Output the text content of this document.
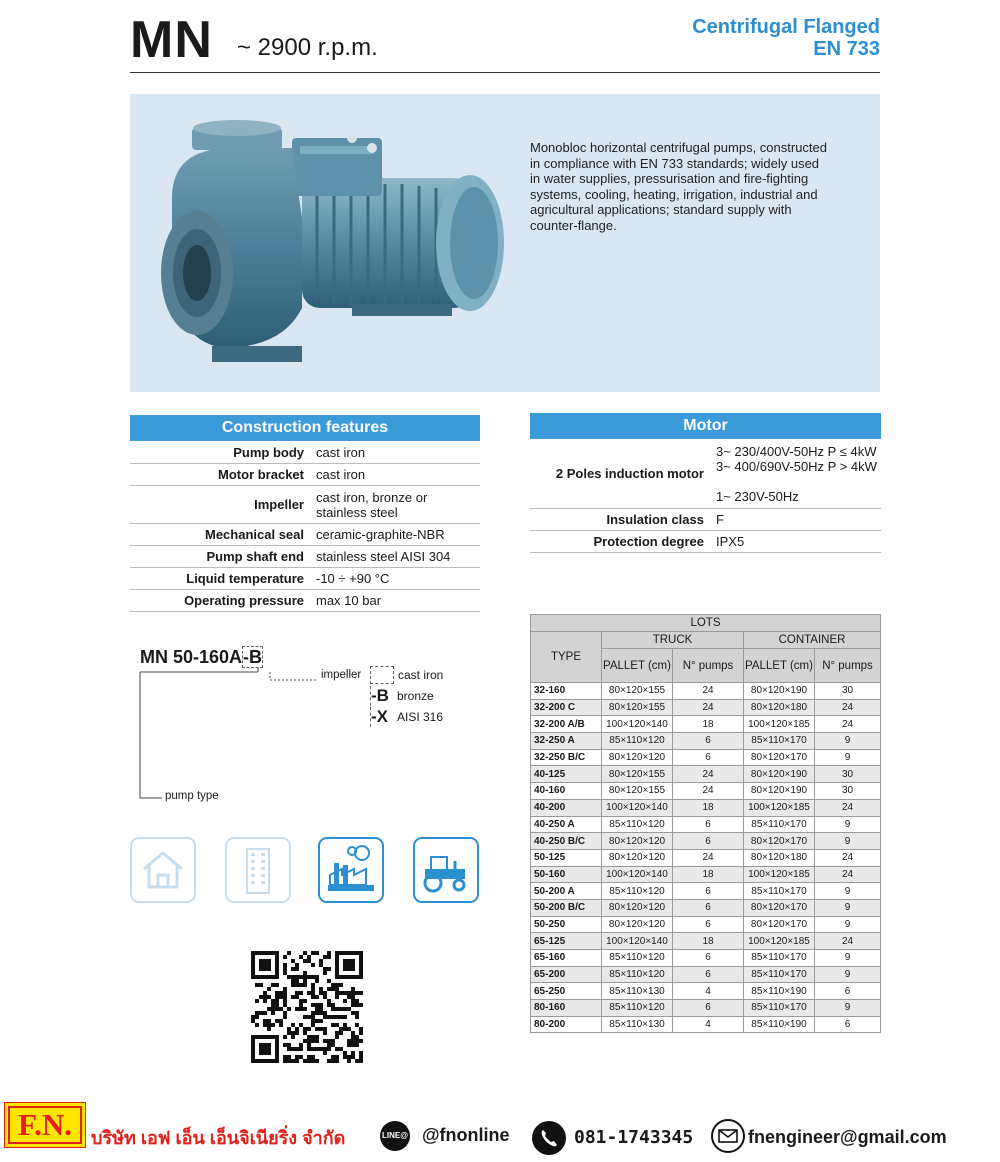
MN ~ 2900 r.p.m.
Centrifugal Flanged
EN 733
Monobloc horizontal centrifugal pumps, constructed in compliance with EN 733 standards; widely used in water supplies, pressurisation and fire-fighting systems, cooling, heating, irrigation, industrial and agricultural applications; standard supply with counter-flange.
Construction features
Pump body	cast iron
Motor bracket	cast iron
Impeller	cast iron, bronze or stainless steel
Mechanical seal	ceramic-graphite-NBR
Pump shaft end	stainless steel AISI 304
Liquid temperature	-10 ÷ +90 °C
Operating pressure	max 10 bar
Motor
2 Poles induction motor	3~ 230/400V-50Hz P ≤ 4kW
3~ 400/690V-50Hz P > 4kW
1~ 230V-50Hz

Insulation class	F
Protection degree	IPX5
MN 50-160A-B
impeller
pump type
cast iron
-B bronze
-X AISI 316
LOTS				
TYPE	TRUCK		CONTAINER	
	PALLET (cm)	N° pumps	PALLET (cm)	N° pumps
32-160	80×120×155	24	80×120×190	30
32-200 C	80×120×155	24	80×120×180	24
32-200 A/B	100×120×140	18	100×120×185	24
32-250 A	85×110×120	6	85×110×170	9
32-250 B/C	80×120×120	6	80×120×170	9
40-125	80×120×155	24	80×120×190	30
40-160	80×120×155	24	80×120×190	30
40-200	100×120×140	18	100×120×185	24
40-250 A	85×110×120	6	85×110×170	9
40-250 B/C	80×120×120	6	80×120×170	9
50-125	80×120×120	24	80×120×180	24
50-160	100×120×140	18	100×120×185	24
50-200 A	85×110×120	6	85×110×170	9
50-200 B/C	80×120×120	6	80×120×170	9
50-250	80×120×120	6	80×120×170	9
65-125	100×120×140	18	100×120×185	24
65-160	85×110×120	6	85×110×170	9
65-200	85×110×120	6	85×110×170	9
65-250	85×110×130	4	85×110×190	6
80-160	85×110×120	6	85×110×170	9
80-200	85×110×130	4	85×110×190	6
F.N.	บริษัท เอฟ เอ็น เอ็นจิเนียริ่ง จำกัด	LINE@ @fnonline	081-1743345	fnengineer@gmail.com
